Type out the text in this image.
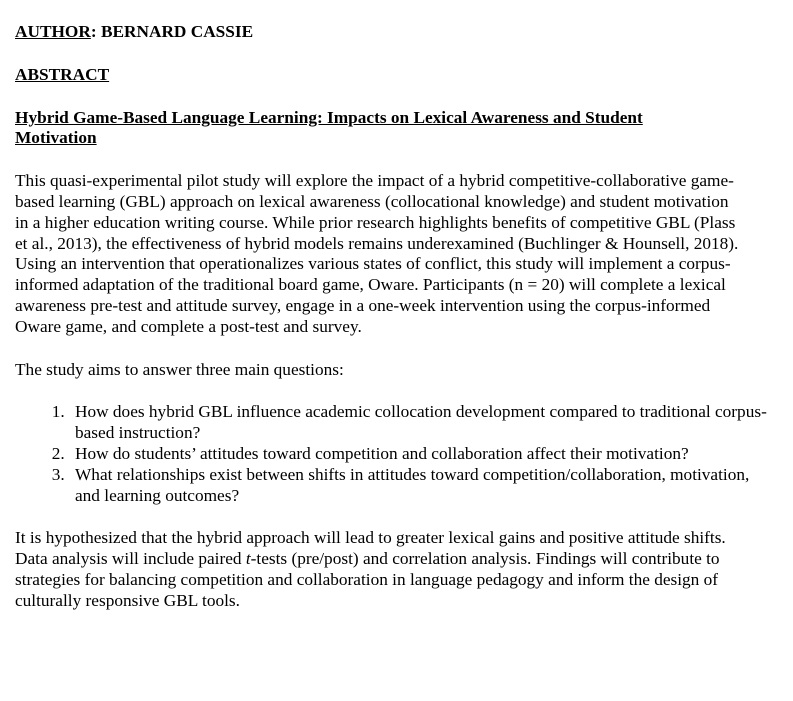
AUTHOR: BERNARD CASSIE
ABSTRACT
Hybrid Game-Based Language Learning: Impacts on Lexical Awareness and Student Motivation

This quasi-experimental pilot study will explore the impact of a hybrid competitive-collaborative game-based learning (GBL) approach on lexical awareness (collocational knowledge) and student motivation in a higher education writing course. While prior research highlights benefits of competitive GBL (Plass et al., 2013), the effectiveness of hybrid models remains underexamined (Buchlinger & Hounsell, 2018). Using an intervention that operationalizes various states of conflict, this study will implement a corpus-informed adaptation of the traditional board game, Oware. Participants (n = 20) will complete a lexical awareness pre-test and attitude survey, engage in a one-week intervention using the corpus-informed Oware game, and complete a post-test and survey.

The study aims to answer three main questions:

1. How does hybrid GBL influence academic collocation development compared to traditional corpus-based instruction?
2. How do students’ attitudes toward competition and collaboration affect their motivation?
3. What relationships exist between shifts in attitudes toward competition/collaboration, motivation, and learning outcomes?

It is hypothesized that the hybrid approach will lead to greater lexical gains and positive attitude shifts. Data analysis will include paired t-tests (pre/post) and correlation analysis. Findings will contribute to strategies for balancing competition and collaboration in language pedagogy and inform the design of culturally responsive GBL tools.
